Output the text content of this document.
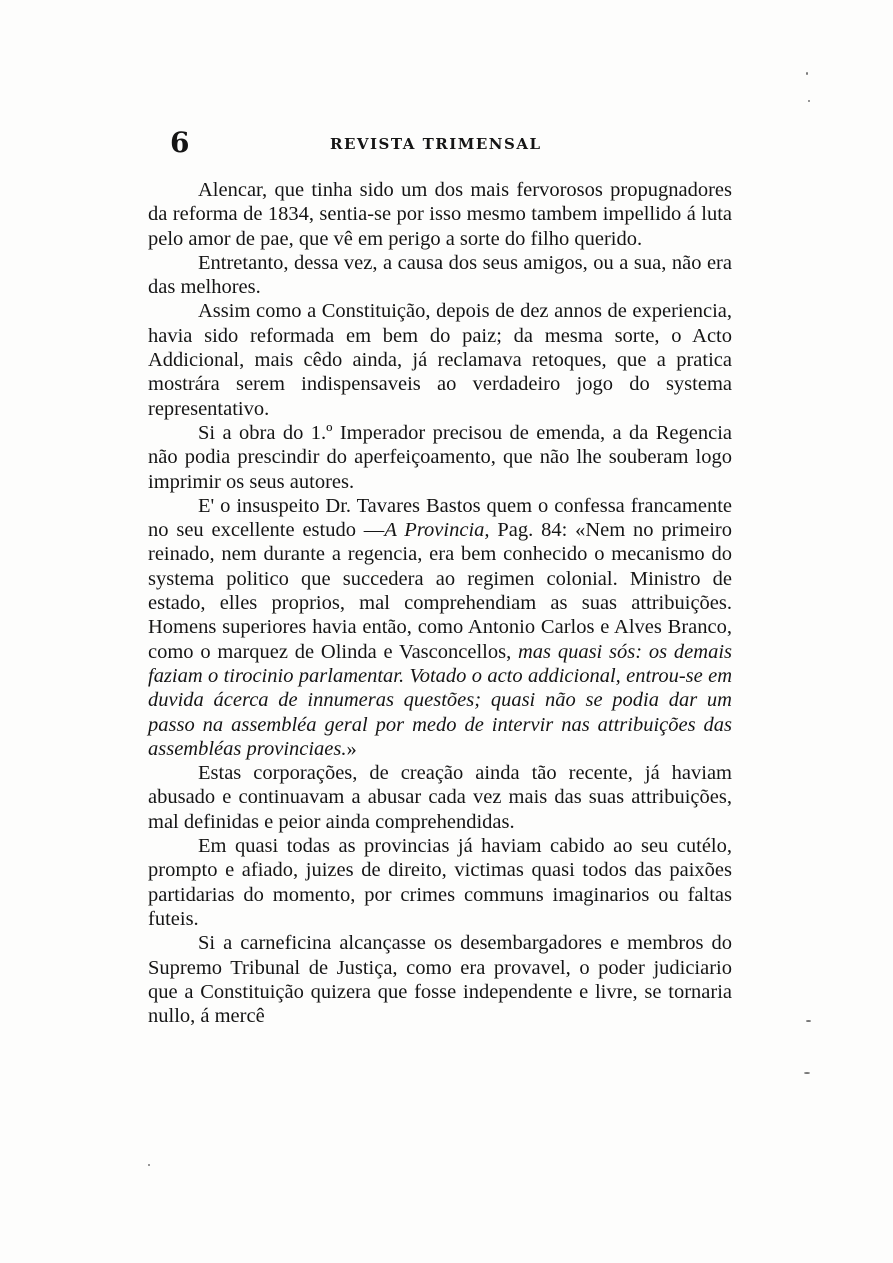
6	REVISTA TRIMENSAL

Alencar, que tinha sido um dos mais fervorosos propugnadores da reforma de 1834, sentia-se por isso mesmo tambem impellido á luta pelo amor de pae, que vê em perigo a sorte do filho querido.

Entretanto, dessa vez, a causa dos seus amigos, ou a sua, não era das melhores.

Assim como a Constituição, depois de dez annos de experiencia, havia sido reformada em bem do paiz; da mesma sorte, o Acto Addicional, mais cêdo ainda, já reclamava retoques, que a pratica mostrára serem indispensaveis ao verdadeiro jogo do systema representativo.

Si a obra do 1.º Imperador precisou de emenda, a da Regencia não podia prescindir do aperfeiçoamento, que não lhe souberam logo imprimir os seus autores.

E' o insuspeito Dr. Tavares Bastos quem o confessa francamente no seu excellente estudo —A Provincia, Pag. 84: «Nem no primeiro reinado, nem durante a regencia, era bem conhecido o mecanismo do systema politico que succedera ao regimen colonial. Ministro de estado, elles proprios, mal comprehendiam as suas attribuições. Homens superiores havia então, como Antonio Carlos e Alves Branco, como o marquez de Olinda e Vasconcellos, mas quasi sós: os demais faziam o tirocinio parlamentar. Votado o acto addicional, entrou-se em duvida ácerca de innumeras questões; quasi não se podia dar um passo na assembléa geral por medo de intervir nas attribuições das assembléas provinciaes.»

Estas corporações, de creação ainda tão recente, já haviam abusado e continuavam a abusar cada vez mais das suas attribuições, mal definidas e peior ainda comprehendidas.

Em quasi todas as provincias já haviam cabido ao seu cutélo, prompto e afiado, juizes de direito, victimas quasi todos das paixões partidarias do momento, por crimes communs imaginarios ou faltas futeis.

Si a carneficina alcançasse os desembargadores e membros do Supremo Tribunal de Justiça, como era provavel, o poder judiciario que a Constituição quizera que fosse independente e livre, se tornaria nullo, á mercê
